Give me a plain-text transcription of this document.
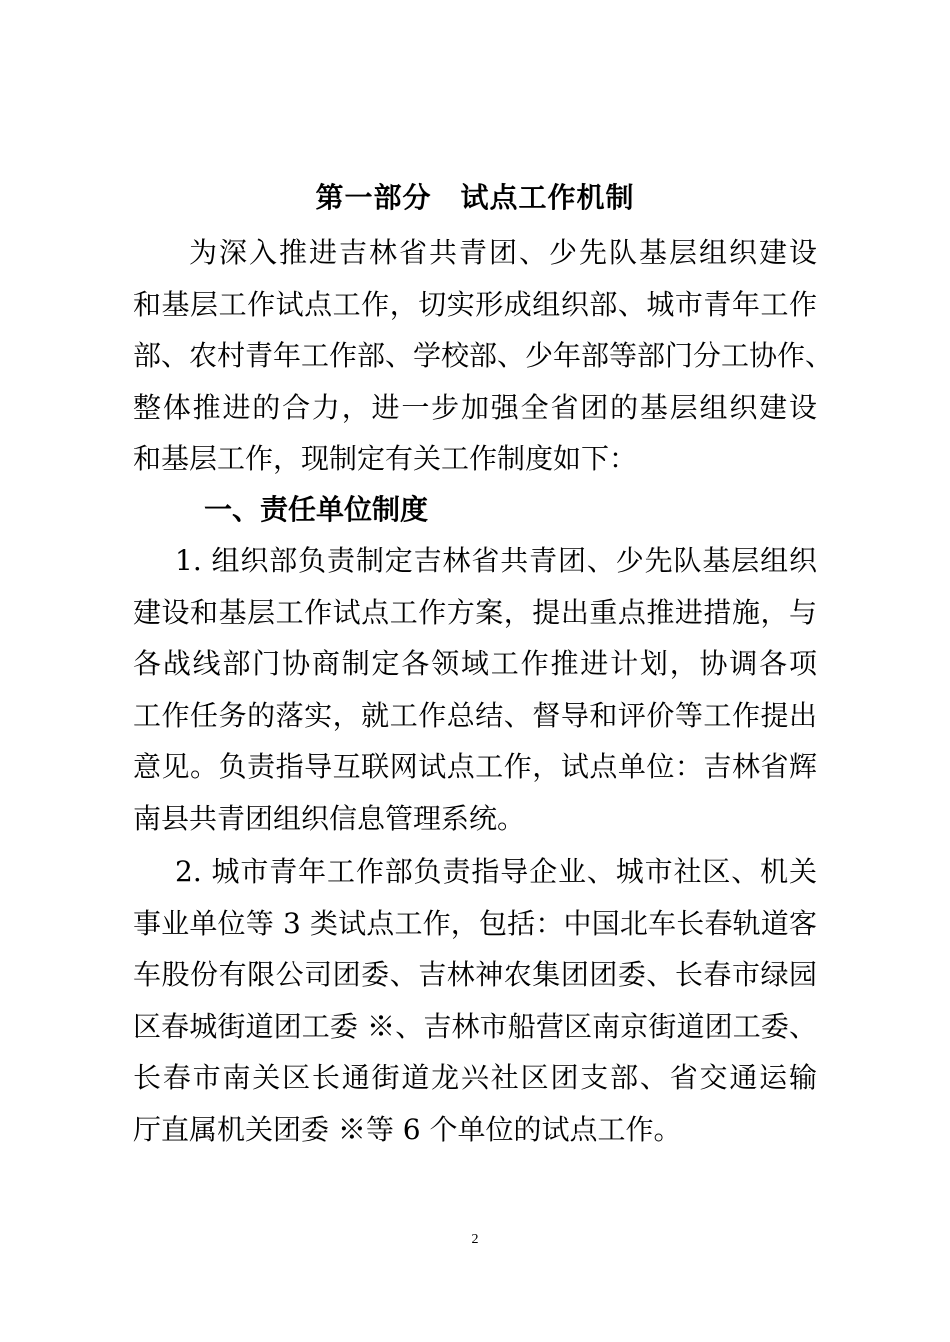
第一部分　试点工作机制
为深入推进吉林省共青团、少先队基层组织建设
和基层工作试点工作，切实形成组织部、城市青年工作
部、农村青年工作部、学校部、少年部等部门分工协作、
整体推进的合力，进一步加强全省团的基层组织建设
和基层工作，现制定有关工作制度如下：
一、责任单位制度
1. 组织部负责制定吉林省共青团、少先队基层组织
建设和基层工作试点工作方案，提出重点推进措施，与
各战线部门协商制定各领域工作推进计划，协调各项
工作任务的落实，就工作总结、督导和评价等工作提出
意见。负责指导互联网试点工作，试点单位：吉林省辉
南县共青团组织信息管理系统。
2. 城市青年工作部负责指导企业、城市社区、机关
事业单位等 3 类试点工作，包括：中国北车长春轨道客
车股份有限公司团委、吉林神农集团团委、长春市绿园
区春城街道团工委 ※、吉林市船营区南京街道团工委、
长春市南关区长通街道龙兴社区团支部、省交通运输
厅直属机关团委 ※等 6 个单位的试点工作。
2
